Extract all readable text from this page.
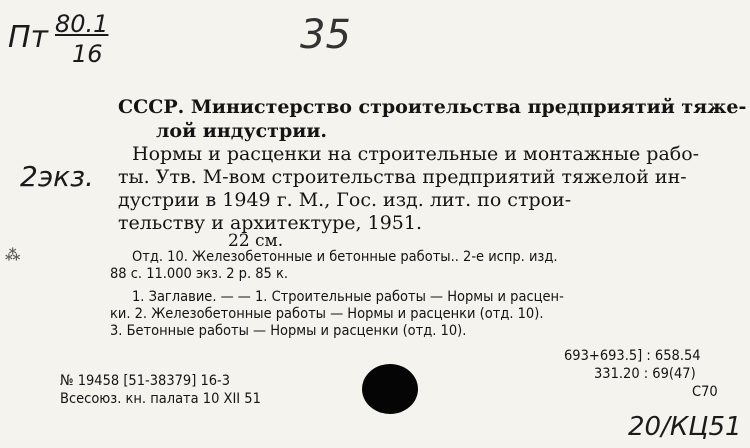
Пт 80.1
16	35
2экз.
СССР. Министерство строительства предприятий тяже-
лой индустрии.
Нормы и расценки на строительные и монтажные рабо-
ты. Утв. М-вом строительства предприятий тяжелой ин-
дустрии в 1949 г. М., Гос. изд. лит. по строи-
тельству и архитектуре, 1951.
22 см.
⁂	Отд. 10. Железобетонные и бетонные работы.. 2-е испр. изд.
88 с. 11.000 экз. 2 р. 85 к.
1. Заглавие. — — 1. Строительные работы — Нормы и расцен-
ки. 2. Железобетонные работы — Нормы и расценки (отд. 10).
3. Бетонные работы — Нормы и расценки (отд. 10).
693+693.5] : 658.54
331.20 : 69(47)
С70
№ 19458 [51-38379] 16-3
Всесоюз. кн. палата 10 XII 51
20/КЦ51
